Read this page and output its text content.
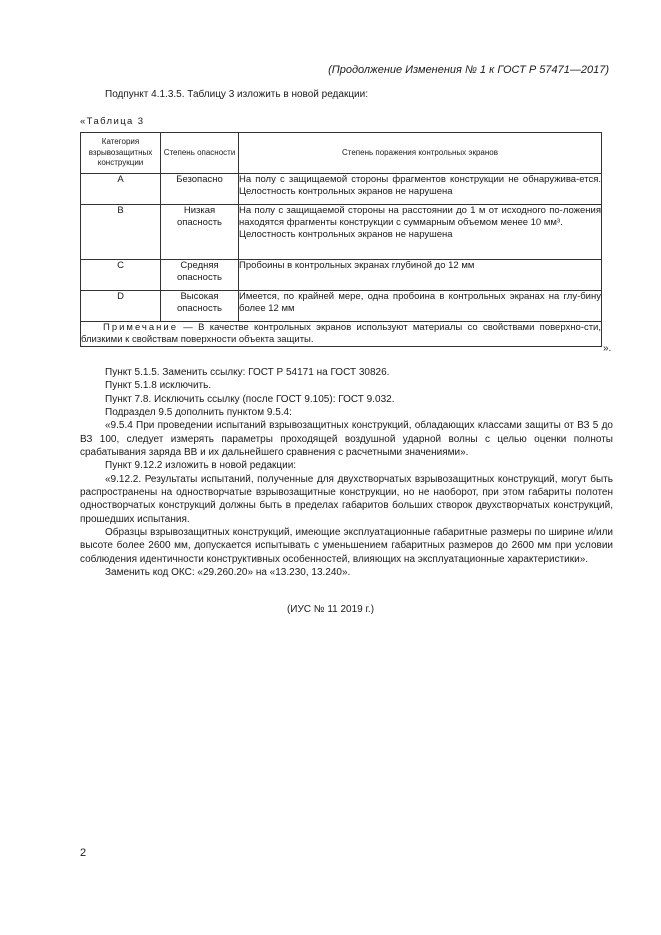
(Продолжение Изменения № 1 к ГОСТ Р 57471—2017)
Подпункт 4.1.3.5. Таблицу 3 изложить в новой редакции:
«Таблица 3
Категория взрывозащитных конструкции	Степень опасности	Степень поражения контрольных экранов
А	Безопасно	На полу с защищаемой стороны фрагментов конструкции не обнаружива-ется. Целостность контрольных экранов не нарушена
В	Низкая опасность	На полу с защищаемой стороны на расстоянии до 1 м от исходного по-ложения находятся фрагменты конструкции с суммарным объемом менее 10 мм³.
Целостность контрольных экранов не нарушена

С	Средняя опасность	Пробоины в контрольных экранах глубиной до 12 мм
D	Высокая опасность	Имеется, по крайней мере, одна пробоина в контрольных экранах на глу-бину более 12 мм
Примечание — В качестве контрольных экранов используют материалы со свойствами поверхно-сти, близкими к свойствам поверхности объекта защиты.		
».
Пункт 5.1.5. Заменить ссылку: ГОСТ Р 54171 на ГОСТ 30826.
Пункт 5.1.8 исключить.
Пункт 7.8. Исключить ссылку (после ГОСТ 9.105): ГОСТ 9.032.
Подраздел 9.5 дополнить пунктом 9.5.4:
«9.5.4 При проведении испытаний взрывозащитных конструкций, обладающих классами защиты от ВЗ 5 до ВЗ 100, следует измерять параметры проходящей воздушной ударной волны с целью оценки полноты срабатывания заряда ВВ и их дальнейшего сравнения с расчетными значениями».
Пункт 9.12.2 изложить в новой редакции:
«9.12.2. Результаты испытаний, полученные для двухстворчатых взрывозащитных конструкций, могут быть распространены на одностворчатые взрывозащитные конструкции, но не наоборот, при этом габариты полотен одностворчатых конструкций должны быть в пределах габаритов больших створок двухстворчатых конструкций, прошедших испытания.
Образцы взрывозащитных конструкций, имеющие эксплуатационные габаритные размеры по ширине и/или высоте более 2600 мм, допускается испытывать с уменьшением габаритных размеров до 2600 мм при условии соблюдения идентичности конструктивных особенностей, влияющих на эксплуатационные характеристики».
Заменить код ОКС: «29.260.20» на «13.230, 13.240».
(ИУС № 11 2019 г.)
2
